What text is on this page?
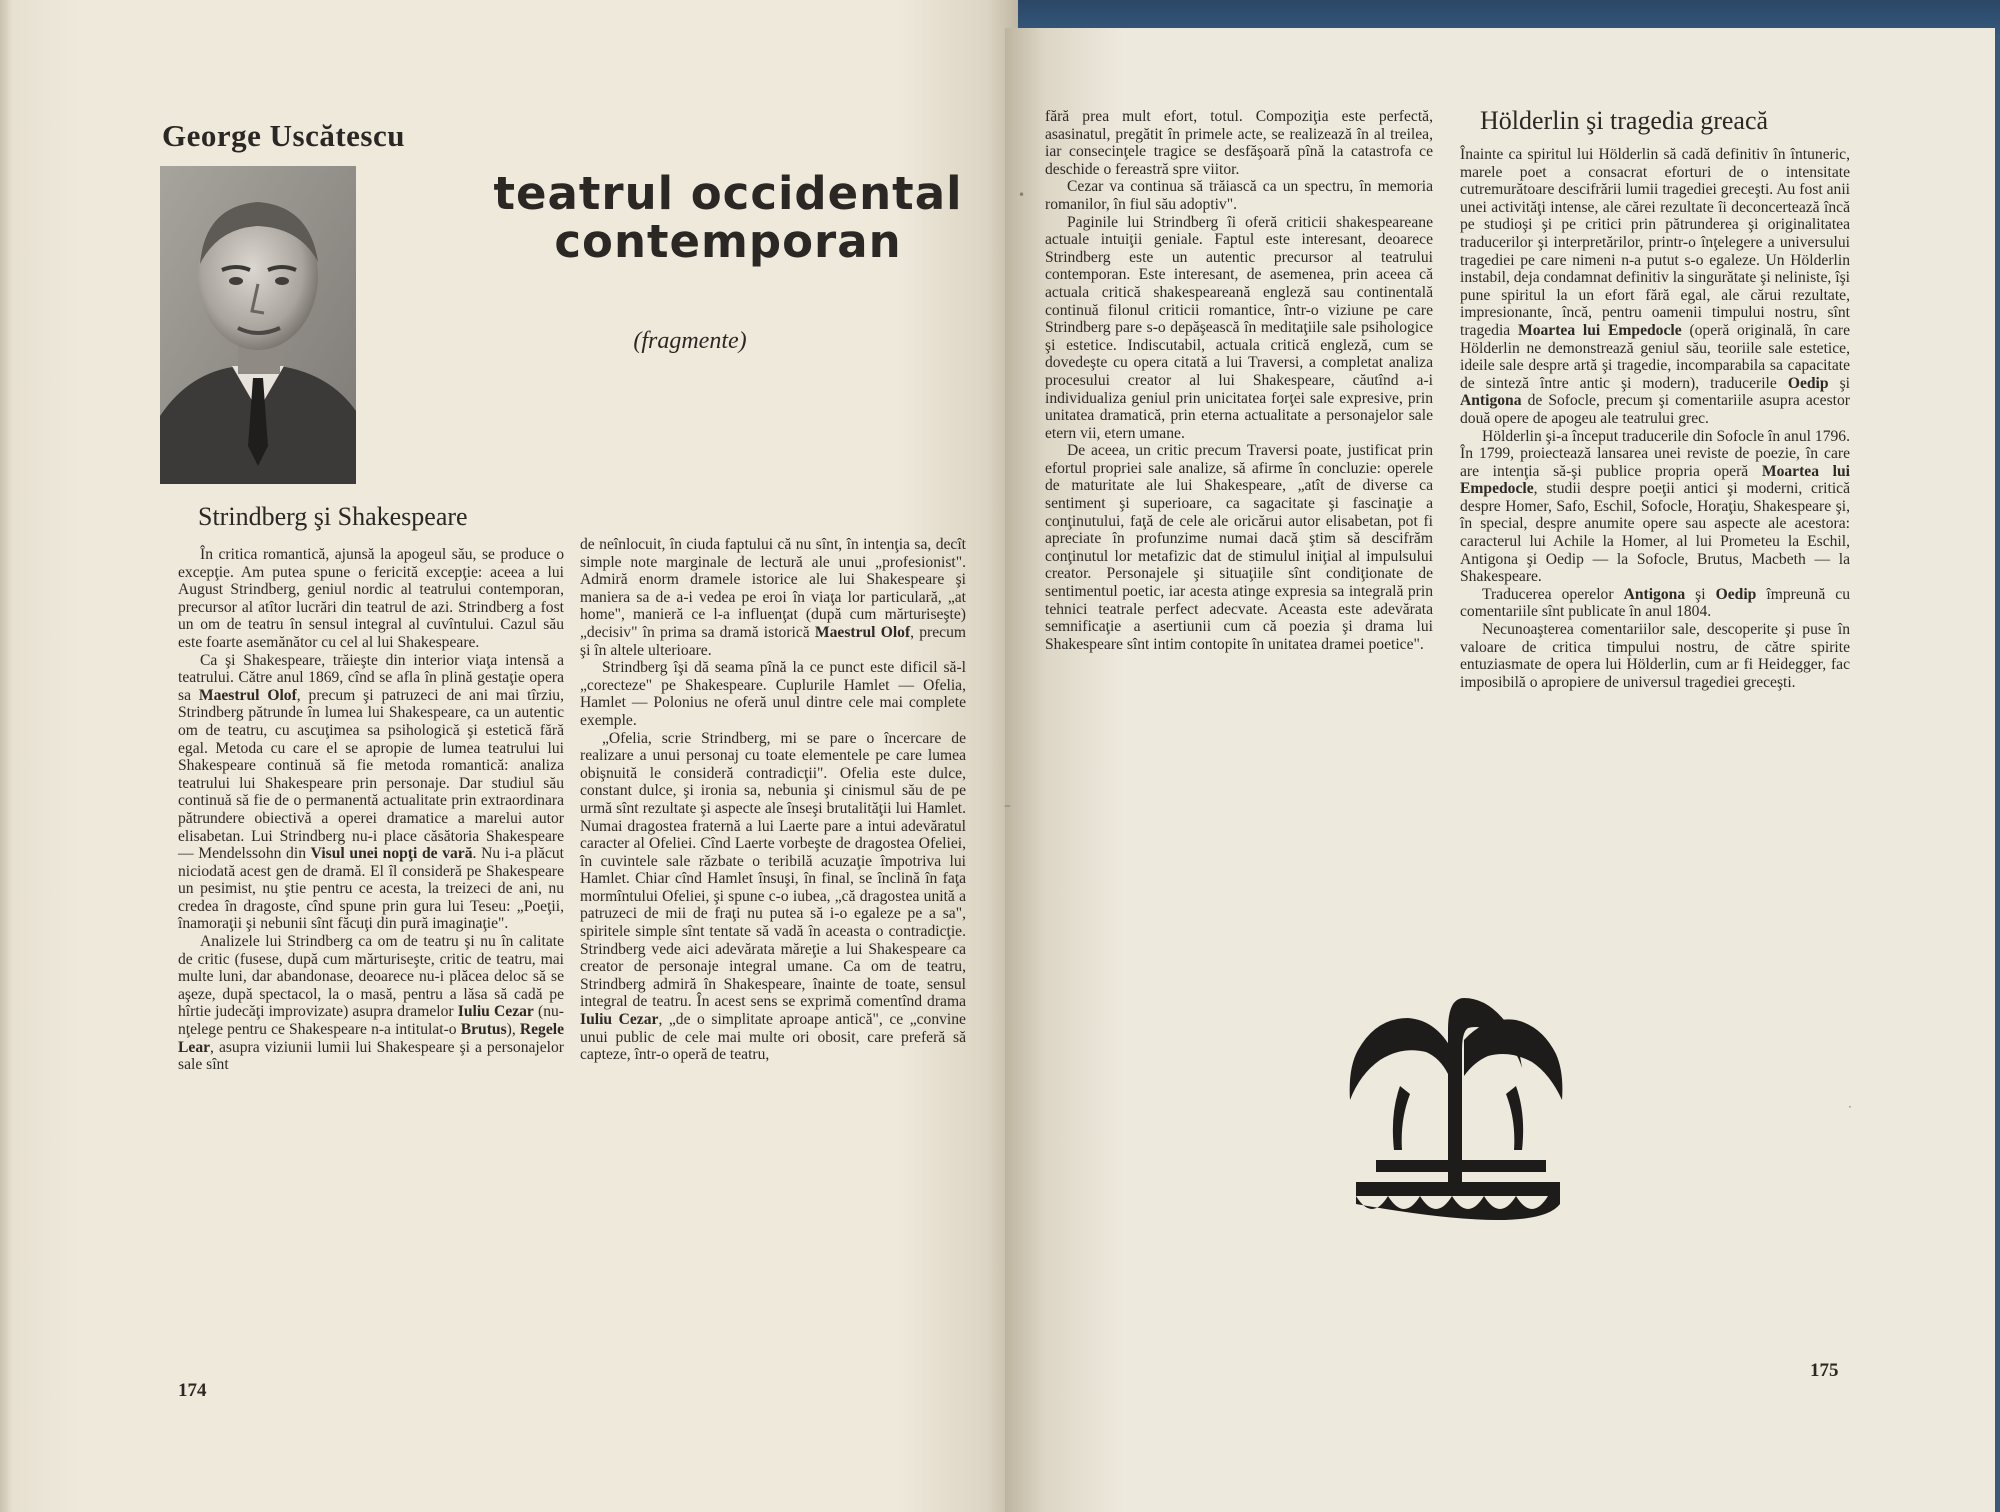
George Uscătescu
teatrul occidental
contemporan
(fragmente)
Strindberg şi Shakespeare

În critica romantică, ajunsă la apogeul său, se produce o excepţie. Am putea spune o fericită excepţie: aceea a lui August Strindberg, geniul nordic al teatrului contemporan, precursor al atîtor lucrări din teatrul de azi. Strindberg a fost un om de teatru în sensul integral al cuvîntului. Cazul său este foarte asemănător cu cel al lui Shakespeare.

Ca şi Shakespeare, trăieşte din interior viaţa intensă a teatrului. Către anul 1869, cînd se afla în plină gestaţie opera sa Maestrul Olof, precum şi patruzeci de ani mai tîrziu, Strindberg pătrunde în lumea lui Shakespeare, ca un autentic om de teatru, cu ascuţimea sa psihologică şi estetică fără egal. Metoda cu care el se apropie de lumea teatrului lui Shakespeare continuă să fie metoda romantică: analiza teatrului lui Shakespeare prin personaje. Dar studiul său continuă să fie de o permanentă actualitate prin extraordinara pătrundere obiectivă a operei dramatice a marelui autor elisabetan. Lui Strindberg nu-i place căsătoria Shakespeare — Mendelssohn din Visul unei nopţi de vară. Nu i-a plăcut niciodată acest gen de dramă. El îl consideră pe Shakespeare un pesimist, nu ştie pentru ce acesta, la treizeci de ani, nu credea în dragoste, cînd spune prin gura lui Teseu: „Poeţii, înamoraţii şi nebunii sînt făcuţi din pură imaginaţie".

Analizele lui Strindberg ca om de teatru şi nu în calitate de critic (fusese, după cum mărturiseşte, critic de teatru, mai multe luni, dar abandonase, deoarece nu-i plăcea deloc să se aşeze, după spectacol, la o masă, pentru a lăsa să cadă pe hîrtie judecăţi improvizate) asupra dramelor Iuliu Cezar (nu-nţelege pentru ce Shakespeare n-a intitulat-o Brutus), Regele Lear, asupra viziunii lumii lui Shakespeare şi a personajelor sale sînt

de neînlocuit, în ciuda faptului că nu sînt, în intenţia sa, decît simple note marginale de lectură ale unui „profesionist". Admiră enorm dramele istorice ale lui Shakespeare şi maniera sa de a-i vedea pe eroi în viaţa lor particulară, „at home", manieră ce l-a influenţat (după cum mărturiseşte) „decisiv" în prima sa dramă istorică Maestrul Olof, precum şi în altele ulterioare.

Strindberg îşi dă seama pînă la ce punct este dificil să-l „corecteze" pe Shakespeare. Cuplurile Hamlet — Ofelia, Hamlet — Polonius ne oferă unul dintre cele mai complete exemple.

„Ofelia, scrie Strindberg, mi se pare o încercare de realizare a unui personaj cu toate elementele pe care lumea obişnuită le consideră contradicţii". Ofelia este dulce, constant dulce, şi ironia sa, nebunia şi cinismul său de pe urmă sînt rezultate şi aspecte ale înseşi brutalităţii lui Hamlet. Numai dragostea fraternă a lui Laerte pare a intui adevăratul caracter al Ofeliei. Cînd Laerte vorbeşte de dragostea Ofeliei, în cuvintele sale răzbate o teribilă acuzaţie împotriva lui Hamlet. Chiar cînd Hamlet însuşi, în final, se înclină în faţa mormîntului Ofeliei, şi spune c-o iubea, „că dragostea unită a patruzeci de mii de fraţi nu putea să i-o egaleze pe a sa", spiritele simple sînt tentate să vadă în aceasta o contradicţie. Strindberg vede aici adevărata măreţie a lui Shakespeare ca creator de personaje integral umane. Ca om de teatru, Strindberg admiră în Shakespeare, înainte de toate, sensul integral de teatru. În acest sens se exprimă comentînd drama Iuliu Cezar, „de o simplitate aproape antică", ce „convine unui public de cele mai multe ori obosit, care preferă să capteze, într-o operă de teatru,

174

fără prea mult efort, totul. Compoziţia este perfectă, asasinatul, pregătit în primele acte, se realizează în al treilea, iar consecinţele tragice se desfăşoară pînă la catastrofa ce deschide o fereastră spre viitor.

Cezar va continua să trăiască ca un spectru, în memoria romanilor, în fiul său adoptiv".

Paginile lui Strindberg îi oferă criticii shakespeareane actuale intuiţii geniale. Faptul este interesant, deoarece Strindberg este un autentic precursor al teatrului contemporan. Este interesant, de asemenea, prin aceea că actuala critică shakespeareană engleză sau continentală continuă filonul criticii romantice, într-o viziune pe care Strindberg pare s-o depăşească în meditaţiile sale psihologice şi estetice. Indiscutabil, actuala critică engleză, cum se dovedeşte cu opera citată a lui Traversi, a completat analiza procesului creator al lui Shakespeare, căutînd a-i individualiza geniul prin unicitatea forţei sale expresive, prin unitatea dramatică, prin eterna actualitate a personajelor sale etern vii, etern umane.

De aceea, un critic precum Traversi poate, justificat prin efortul propriei sale analize, să afirme în concluzie: operele de maturitate ale lui Shakespeare, „atît de diverse ca sentiment şi superioare, ca sagacitate şi fascinaţie a conţinutului, faţă de cele ale oricărui autor elisabetan, pot fi apreciate în profunzime numai dacă ştim să descifrăm conţinutul lor metafizic dat de stimulul iniţial al impulsului creator. Personajele şi situaţiile sînt condiţionate de sentimentul poetic, iar acesta atinge expresia sa integrală prin tehnici teatrale perfect adecvate. Aceasta este adevărata semnificaţie a asertiunii cum că poezia şi drama lui Shakespeare sînt intim contopite în unitatea dramei poetice".

Hölderlin şi tragedia greacă

Înainte ca spiritul lui Hölderlin să cadă definitiv în întuneric, marele poet a consacrat eforturi de o intensitate cutremurătoare descifrării lumii tragediei greceşti. Au fost anii unei activităţi intense, ale cărei rezultate îi deconcertează încă pe studioşi şi pe critici prin pătrunderea şi originalitatea traducerilor şi interpretărilor, printr-o înţelegere a universului tragediei pe care nimeni n-a putut s-o egaleze. Un Hölderlin instabil, deja condamnat definitiv la singurătate şi neliniste, îşi pune spiritul la un efort fără egal, ale cărui rezultate, impresionante, încă, pentru oamenii timpului nostru, sînt tragedia Moartea lui Empedocle (operă originală, în care Hölderlin ne demonstrează geniul său, teoriile sale estetice, ideile sale despre artă şi tragedie, incomparabila sa capacitate de sinteză între antic şi modern), traducerile Oedip şi Antigona de Sofocle, precum şi comentariile asupra acestor două opere de apogeu ale teatrului grec.

Hölderlin şi-a început traducerile din Sofocle în anul 1796. În 1799, proiectează lansarea unei reviste de poezie, în care are intenţia să-şi publice propria operă Moartea lui Empedocle, studii despre poeţii antici şi moderni, critică despre Homer, Safo, Eschil, Sofocle, Horaţiu, Shakespeare şi, în special, despre anumite opere sau aspecte ale acestora: caracterul lui Achile la Homer, al lui Prometeu la Eschil, Antigona şi Oedip — la Sofocle, Brutus, Macbeth — la Shakespeare.

Traducerea operelor Antigona şi Oedip împreună cu comentariile sînt publicate în anul 1804.

Necunoaşterea comentariilor sale, descoperite şi puse în valoare de critica timpului nostru, de către spirite entuziasmate de opera lui Hölderlin, cum ar fi Heidegger, fac imposibilă o apropiere de universul tragediei greceşti.

175
•
–
·
